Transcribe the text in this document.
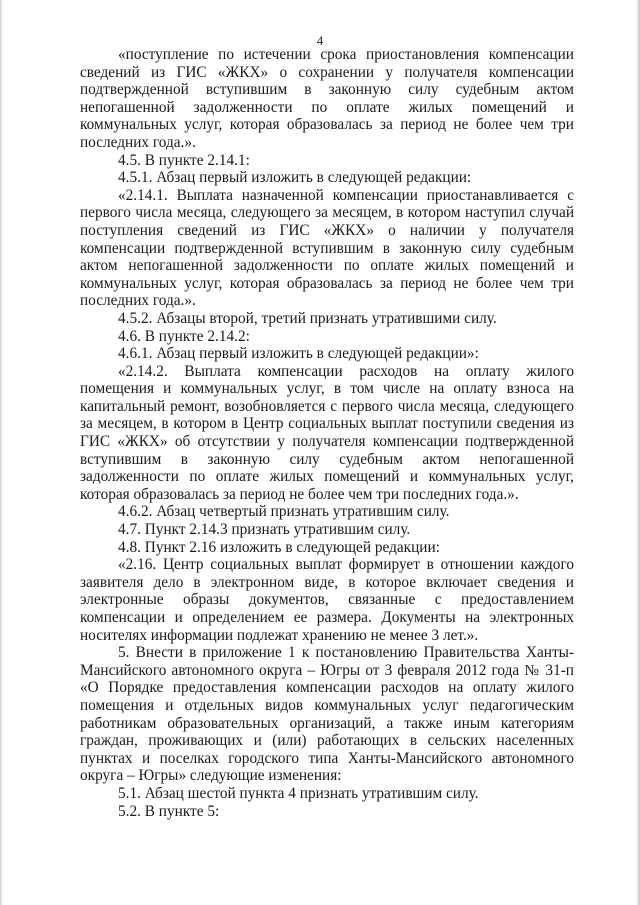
4

«поступление по истечении срока приостановления компенсации сведений из ГИС «ЖКХ» о сохранении у получателя компенсации подтвержденной вступившим в законную силу судебным актом непогашенной задолженности по оплате жилых помещений и коммунальных услуг, которая образовалась за период не более чем три последних года.».

4.5. В пункте 2.14.1:

4.5.1. Абзац первый изложить в следующей редакции:

«2.14.1. Выплата назначенной компенсации приостанавливается с первого числа месяца, следующего за месяцем, в котором наступил случай поступления сведений из ГИС «ЖКХ» о наличии у получателя компенсации подтвержденной вступившим в законную силу судебным актом непогашенной задолженности по оплате жилых помещений и коммунальных услуг, которая образовалась за период не более чем три последних года.».

4.5.2. Абзацы второй, третий признать утратившими силу.

4.6. В пункте 2.14.2:

4.6.1. Абзац первый изложить в следующей редакции»:

«2.14.2. Выплата компенсации расходов на оплату жилого помещения и коммунальных услуг, в том числе на оплату взноса на капитальный ремонт, возобновляется с первого числа месяца, следующего за месяцем, в котором в Центр социальных выплат поступили сведения из ГИС «ЖКХ» об отсутствии у получателя компенсации подтвержденной вступившим в законную силу судебным актом непогашенной задолженности по оплате жилых помещений и коммунальных услуг, которая образовалась за период не более чем три последних года.».

4.6.2. Абзац четвертый признать утратившим силу.

4.7. Пункт 2.14.3 признать утратившим силу.

4.8. Пункт 2.16 изложить в следующей редакции:

«2.16. Центр социальных выплат формирует в отношении каждого заявителя дело в электронном виде, в которое включает сведения и электронные образы документов, связанные с предоставлением компенсации и определением ее размера. Документы на электронных носителях информации подлежат хранению не менее 3 лет.».

5. Внести в приложение 1 к постановлению Правительства Ханты-Мансийского автономного округа – Югры от 3 февраля 2012 года № 31-п «О Порядке предоставления компенсации расходов на оплату жилого помещения и отдельных видов коммунальных услуг педагогическим работникам образовательных организаций, а также иным категориям граждан, проживающих и (или) работающих в сельских населенных пунктах и поселках городского типа Ханты-Мансийского автономного округа – Югры» следующие изменения:

5.1. Абзац шестой пункта 4 признать утратившим силу.

5.2. В пункте 5:
